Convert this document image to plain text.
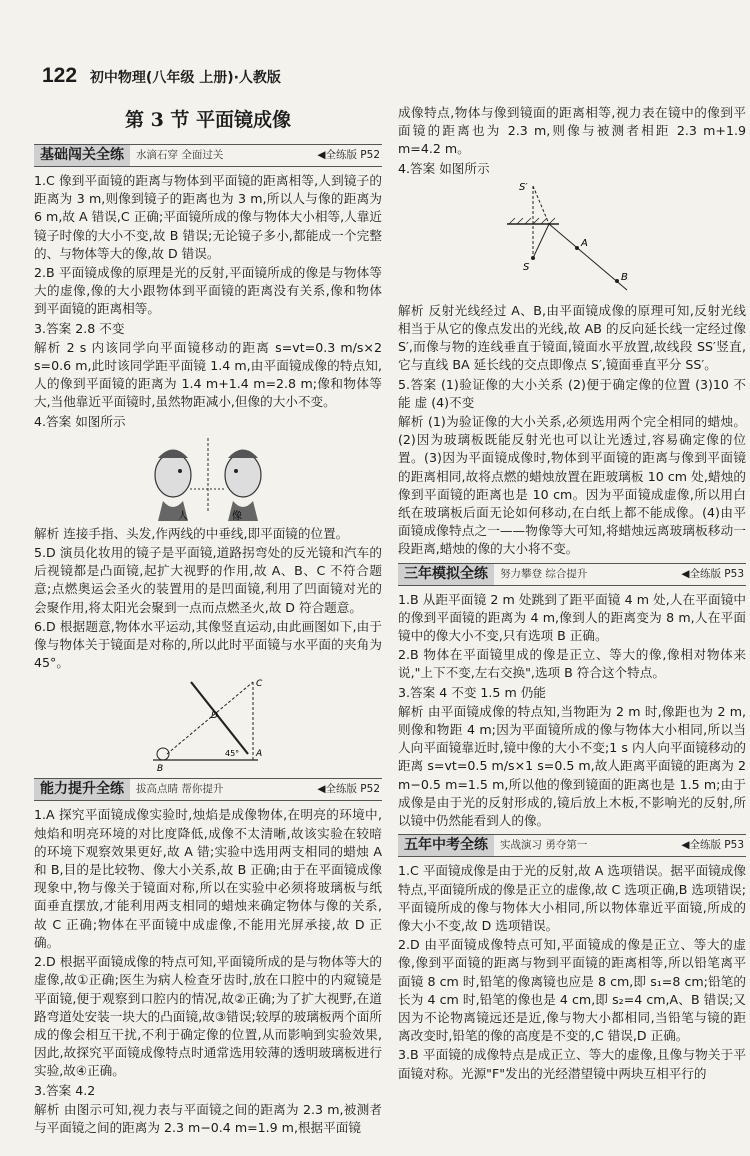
122 初中物理(八年级 上册)·人教版
第 3 节 平面镜成像
基础闯关全练	水滴石穿 全面过关	◀全练版 P52

1.C 像到平面镜的距离与物体到平面镜的距离相等,人到镜子的距离为 3 m,则像到镜子的距离也为 3 m,所以人与像的距离为 6 m,故 A 错误,C 正确;平面镜所成的像与物体大小相等,人靠近镜子时像的大小不变,故 B 错误;无论镜子多小,都能成一个完整的、与物体等大的像,故 D 错误。

2.B 平面镜成像的原理是光的反射,平面镜所成的像是与物体等大的虚像,像的大小跟物体到平面镜的距离没有关系,像和物体到平面镜的距离相等。

3.答案 2.8 不变

解析 2 s 内该同学向平面镜移动的距离 s=vt=0.3 m/s×2 s=0.6 m,此时该同学距平面镜 1.4 m,由平面镜成像的特点知,人的像到平面镜的距离为 1.4 m+1.4 m=2.8 m;像和物体等大,当他靠近平面镜时,虽然物距减小,但像的大小不变。

4.答案 如图所示

人	像

解析 连接手指、头发,作两线的中垂线,即平面镜的位置。

5.D 演员化妆用的镜子是平面镜,道路拐弯处的反光镜和汽车的后视镜都是凸面镜,起扩大视野的作用,故 A、B、C 不符合题意;点燃奥运会圣火的装置用的是凹面镜,利用了凹面镜对光的会聚作用,将太阳光会聚到一点而点燃圣火,故 D 符合题意。

6.D 根据题意,物体水平运动,其像竖直运动,由此画图如下,由于像与物体关于镜面是对称的,所以此时平面镜与水平面的夹角为 45°。

C
D
A
B
45°
能力提升全练	拔高点睛 帮你提升	◀全练版 P52

1.A 探究平面镜成像实验时,烛焰是成像物体,在明亮的环境中,烛焰和明亮环境的对比度降低,成像不太清晰,故该实验在较暗的环境下观察效果更好,故 A 错;实验中选用两支相同的蜡烛 A 和 B,目的是比较物、像大小关系,故 B 正确;由于在平面镜成像现象中,物与像关于镜面对称,所以在实验中必须将玻璃板与纸面垂直摆放,才能利用两支相同的蜡烛来确定物体与像的关系,故 C 正确;物体在平面镜中成虚像,不能用光屏承接,故 D 正确。

2.D 根据平面镜成像的特点可知,平面镜所成的是与物体等大的虚像,故①正确;医生为病人检查牙齿时,放在口腔中的内窥镜是平面镜,便于观察到口腔内的情况,故②正确;为了扩大视野,在道路弯道处安装一块大的凸面镜,故③错误;较厚的玻璃板两个面所成的像会相互干扰,不利于确定像的位置,从而影响到实验效果,因此,故探究平面镜成像特点时通常选用较薄的透明玻璃板进行实验,故④正确。

3.答案 4.2

解析 由图示可知,视力表与平面镜之间的距离为 2.3 m,被测者与平面镜之间的距离为 2.3 m−0.4 m=1.9 m,根据平面镜

成像特点,物体与像到镜面的距离相等,视力表在镜中的像到平面镜的距离也为 2.3 m,则像与被测者相距 2.3 m+1.9 m=4.2 m。

4.答案 如图所示

S′
S
A
B

解析 反射光线经过 A、B,由平面镜成像的原理可知,反射光线相当于从它的像点发出的光线,故 AB 的反向延长线一定经过像 S′,而像与物的连线垂直于镜面,镜面水平放置,故线段 SS′竖直,它与直线 BA 延长线的交点即像点 S′,镜面垂直平分 SS′。

5.答案 (1)验证像的大小关系 (2)便于确定像的位置 (3)10 不能 虚 (4)不变

解析 (1)为验证像的大小关系,必须选用两个完全相同的蜡烛。(2)因为玻璃板既能反射光也可以让光透过,容易确定像的位置。(3)因为平面镜成像时,物体到平面镜的距离与像到平面镜的距离相同,故将点燃的蜡烛放置在距玻璃板 10 cm 处,蜡烛的像到平面镜的距离也是 10 cm。因为平面镜成虚像,所以用白纸在玻璃板后面无论如何移动,在白纸上都不能成像。(4)由平面镜成像特点之一——物像等大可知,将蜡烛远离玻璃板移动一段距离,蜡烛的像的大小将不变。

三年模拟全练	努力攀登 综合提升	◀全练版 P53

1.B 从距平面镜 2 m 处跳到了距平面镜 4 m 处,人在平面镜中的像到平面镜的距离为 4 m,像到人的距离变为 8 m,人在平面镜中的像大小不变,只有选项 B 正确。

2.B 物体在平面镜里成的像是正立、等大的像,像相对物体来说,"上下不变,左右交换",选项 B 符合这个特点。

3.答案 4 不变 1.5 m 仍能

解析 由平面镜成像的特点知,当物距为 2 m 时,像距也为 2 m,则像和物距 4 m;因为平面镜所成的像与物体大小相同,所以当人向平面镜靠近时,镜中像的大小不变;1 s 内人向平面镜移动的距离 s=vt=0.5 m/s×1 s=0.5 m,故人距离平面镜的距离为 2 m−0.5 m=1.5 m,所以他的像到镜面的距离也是 1.5 m;由于成像是由于光的反射形成的,镜后放上木板,不影响光的反射,所以镜中仍然能看到人的像。

五年中考全练	实战演习 勇夺第一	◀全练版 P53

1.C 平面镜成像是由于光的反射,故 A 选项错误。据平面镜成像特点,平面镜所成的像是正立的虚像,故 C 选项正确,B 选项错误;平面镜所成的像与物体大小相同,所以物体靠近平面镜,所成的像大小不变,故 D 选项错误。

2.D 由平面镜成像特点可知,平面镜成的像是正立、等大的虚像,像到平面镜的距离与物到平面镜的距离相等,所以铅笔离平面镜 8 cm 时,铅笔的像离镜也应是 8 cm,即 s₁=8 cm;铅笔的长为 4 cm 时,铅笔的像也是 4 cm,即 s₂=4 cm,A、B 错误;又因为不论物离镜远还是近,像与物大小都相同,当铅笔与镜的距离改变时,铅笔的像的高度是不变的,C 错误,D 正确。

3.B 平面镜的成像特点是成正立、等大的虚像,且像与物关于平面镜对称。光源"F"发出的光经潜望镜中两块互相平行的
